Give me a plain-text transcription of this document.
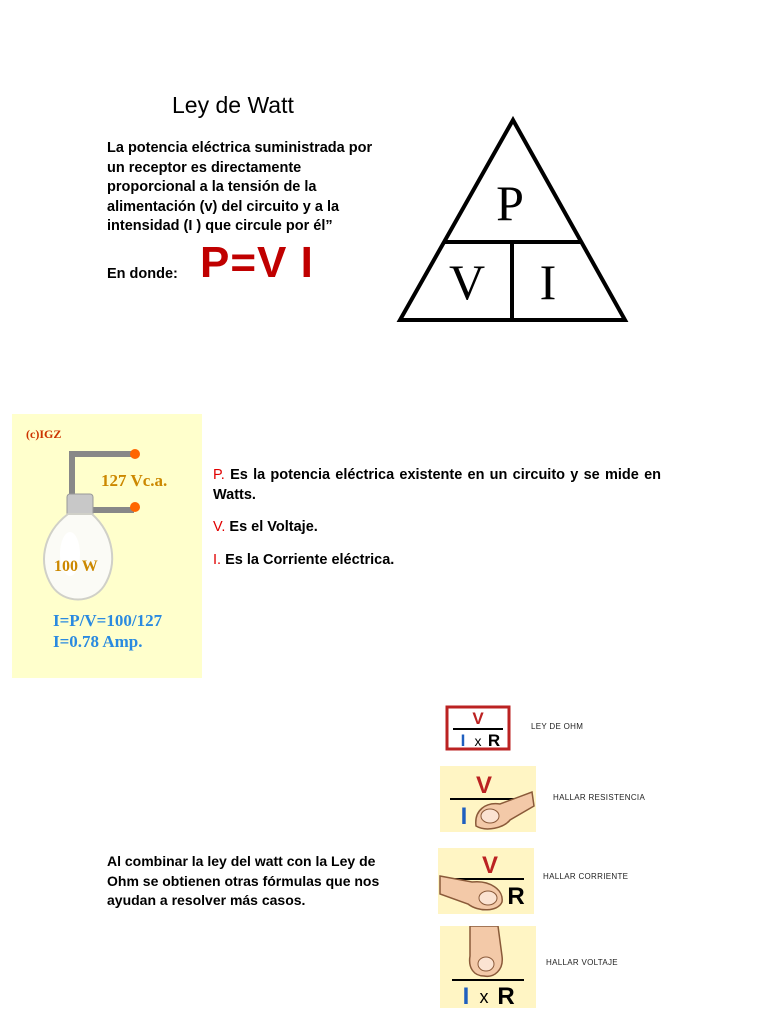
Ley de Watt
La potencia eléctrica suministrada por un receptor es directamente proporcional a la tensión de la alimentación (v) del circuito y a la intensidad (I ) que circule por él”
En donde: P=V I
P
V I
(c)IGZ
127 Vc.a.
100 W
I=P/V=100/127
I=0.78 Amp.
P. Es la potencia eléctrica existente en un circuito y se mide en Watts.
V. Es el Voltaje.
I. Es la Corriente eléctrica.
Al combinar la ley del watt con la Ley de Ohm se obtienen otras fórmulas que nos ayudan a resolver más casos.
V
I x R
LEY DE OHM
V
I
HALLAR RESISTENCIA
V
R
HALLAR CORRIENTE
I x R
HALLAR VOLTAJE
